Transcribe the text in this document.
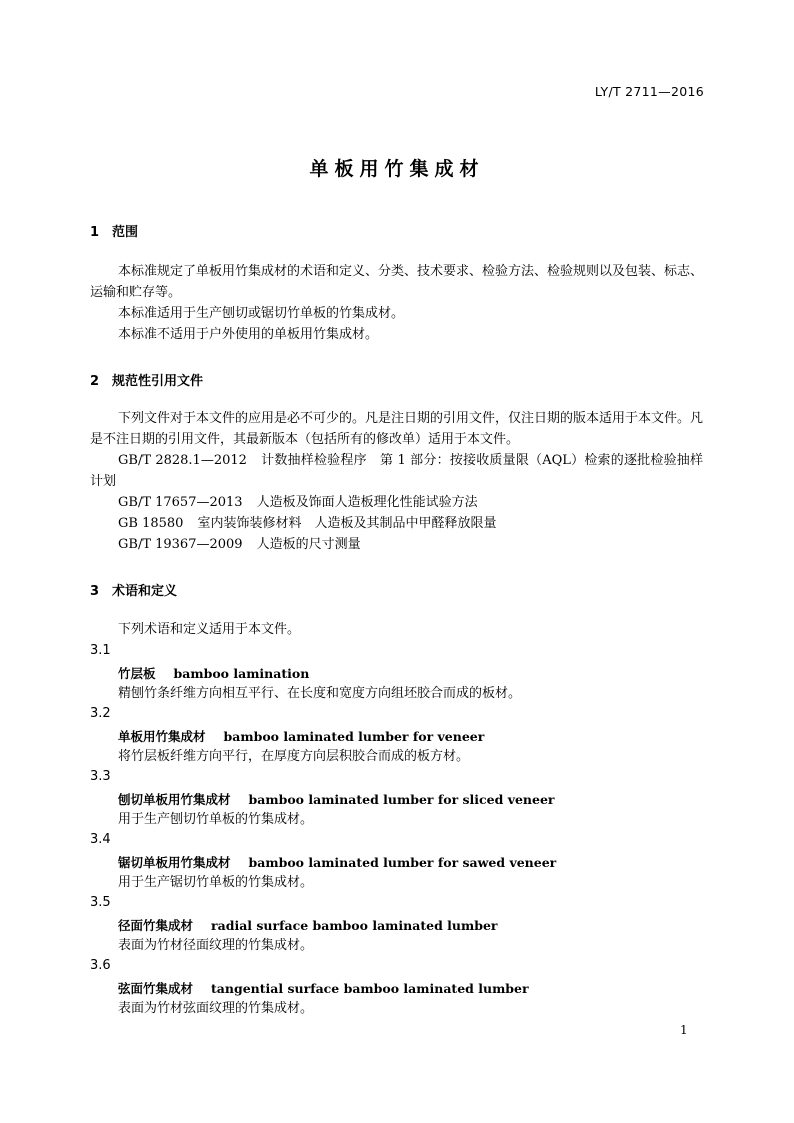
LY/T 2711—2016
单板用竹集成材
1 范围
本标准规定了单板用竹集成材的术语和定义、分类、技术要求、检验方法、检验规则以及包装、标志、运输和贮存等。
本标准适用于生产刨切或锯切竹单板的竹集成材。
本标准不适用于户外使用的单板用竹集成材。
2 规范性引用文件
下列文件对于本文件的应用是必不可少的。凡是注日期的引用文件，仅注日期的版本适用于本文件。凡是不注日期的引用文件，其最新版本（包括所有的修改单）适用于本文件。
GB/T 2828.1—2012 计数抽样检验程序　第 1 部分：按接收质量限（AQL）检索的逐批检验抽样计划
GB/T 17657—2013 人造板及饰面人造板理化性能试验方法
GB 18580 室内装饰装修材料　人造板及其制品中甲醛释放限量
GB/T 19367—2009 人造板的尺寸测量
3 术语和定义
下列术语和定义适用于本文件。
3.1
竹层板 bamboo lamination
精刨竹条纤维方向相互平行、在长度和宽度方向组坯胶合而成的板材。
3.2
单板用竹集成材 bamboo laminated lumber for veneer
将竹层板纤维方向平行，在厚度方向层积胶合而成的板方材。
3.3
刨切单板用竹集成材 bamboo laminated lumber for sliced veneer
用于生产刨切竹单板的竹集成材。
3.4
锯切单板用竹集成材 bamboo laminated lumber for sawed veneer
用于生产锯切竹单板的竹集成材。
3.5
径面竹集成材 radial surface bamboo laminated lumber
表面为竹材径面纹理的竹集成材。
3.6
弦面竹集成材 tangential surface bamboo laminated lumber
表面为竹材弦面纹理的竹集成材。
1
